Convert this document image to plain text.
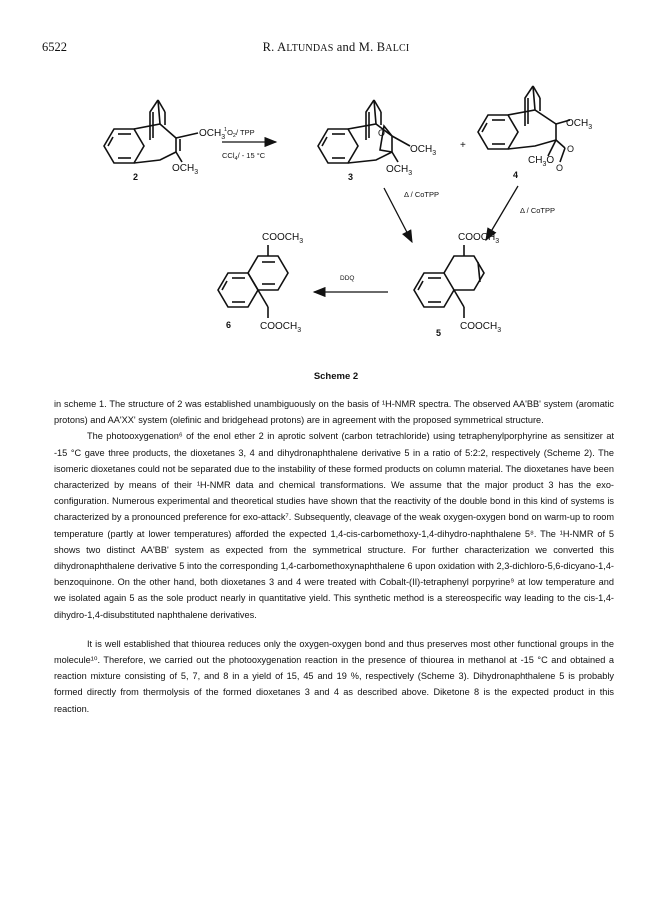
6522	R. ALTUNDAS and M. BALCI
$OCH_3$
$OCH_3$
2
$^1O_2/$ TPP
CCl$_4$/ - 15 °C
O
$OCH_3$
$OCH_3$
3
+
$OCH_3$
$CH_3O$
O
O
4
Δ / CoTPP
Δ / CoTPP
$COOCH_3$
$COOCH_3$
6
DDQ
$COOCH_3$
$COOCH_3$
5
Scheme 2

in scheme 1. The structure of 2 was established unambiguously on the basis of ¹H-NMR spectra. The observed AA'BB' system (aromatic protons) and AA'XX' system (olefinic and bridgehead protons) are in agreement with the proposed symmetrical structure.

The photooxygenation⁶ of the enol ether 2 in aprotic solvent (carbon tetrachloride) using tetraphenylporphyrine as sensitizer at -15 °C gave three products, the dioxetanes 3, 4 and dihydronaphthalene derivative 5 in a ratio of 5:2:2, respectively (Scheme 2). The isomeric dioxetanes could not be separated due to the instability of these formed products on column material. The dioxetanes have been characterized by means of their ¹H-NMR data and chemical transformations. We assume that the major product 3 has the exo-configuration. Numerous experimental and theoretical studies have shown that the reactivity of the double bond in this kind of systems is characterized by a pronounced preference for exo-attack⁷. Subsequently, cleavage of the weak oxygen-oxygen bond on warm-up to room temperature (partly at lower temperatures) afforded the expected 1,4-cis-carbomethoxy-1,4-dihydro-naphthalene 5⁸. The ¹H-NMR of 5 shows two distinct AA'BB' system as expected from the symmetrical structure. For further characterization we converted this dihydronaphthalene derivative 5 into the corresponding 1,4-carbomethoxynaphthalene 6 upon oxidation with 2,3-dichloro-5,6-dicyano-1,4-benzoquinone. On the other hand, both dioxetanes 3 and 4 were treated with Cobalt-(II)-tetraphenyl porpyrine⁹ at low temperature and we isolated again 5 as the sole product nearly in quantitative yield. This synthetic method is a stereospecific way leading to the cis-1,4-dihydro-1,4-disubstituted naphthalene derivatives.

It is well established that thiourea reduces only the oxygen-oxygen bond and thus preserves most other functional groups in the molecule¹⁰. Therefore, we carried out the photooxygenation reaction in the presence of thiourea in methanol at -15 °C and obtained a reaction mixture consisting of 5, 7, and 8 in a yield of 15, 45 and 19 %, respectively (Scheme 3). Dihydronaphthalene 5 is probably formed directly from thermolysis of the formed dioxetanes 3 and 4 as described above. Diketone 8 is the expected product in this reaction.
